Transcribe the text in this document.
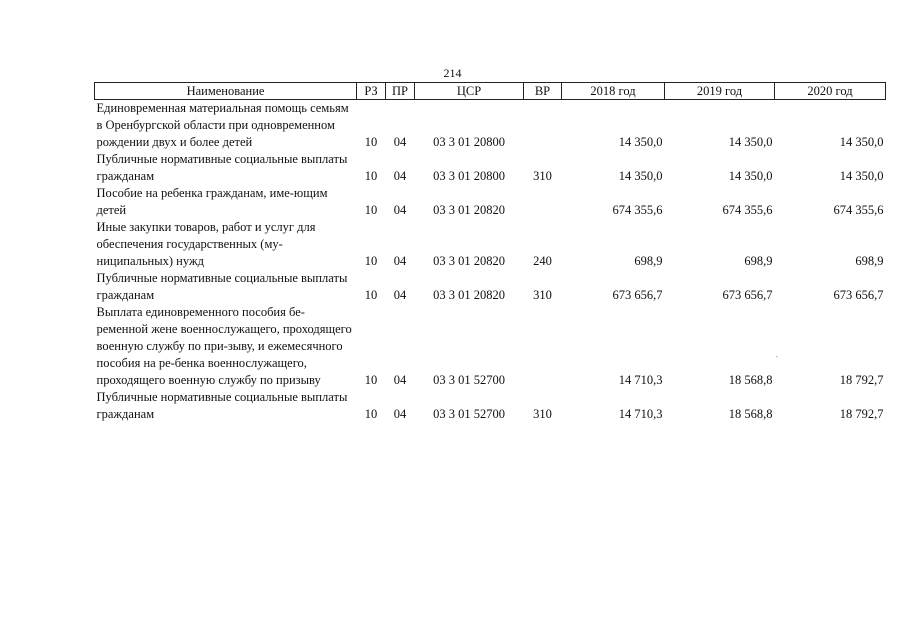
214
Наименование	РЗ	ПР	ЦСР	ВР	2018 год	2019 год	2020 год
Единовременная материальная помощь семьям в Оренбургской области при одновременном рождении двух и более детей	10	04	03 3 01 20800		14 350,0	14 350,0	14 350,0
Публичные нормативные социальные выплаты гражданам	10	04	03 3 01 20800	310	14 350,0	14 350,0	14 350,0
Пособие на ребенка гражданам, име-ющим детей	10	04	03 3 01 20820		674 355,6	674 355,6	674 355,6
Иные закупки товаров, работ и услуг для обеспечения государственных (му-ниципальных) нужд	10	04	03 3 01 20820	240	698,9	698,9	698,9
Публичные нормативные социальные выплаты гражданам	10	04	03 3 01 20820	310	673 656,7	673 656,7	673 656,7
Выплата единовременного пособия бе-ременной жене военнослужащего, проходящего военную службу по при-зыву, и ежемесячного пособия на ре-бенка военнослужащего, проходящего военную службу по призыву	10	04	03 3 01 52700		14 710,3	18 568,8	18 792,7
Публичные нормативные социальные выплаты гражданам	10	04	03 3 01 52700	310	14 710,3	18 568,8	18 792,7
